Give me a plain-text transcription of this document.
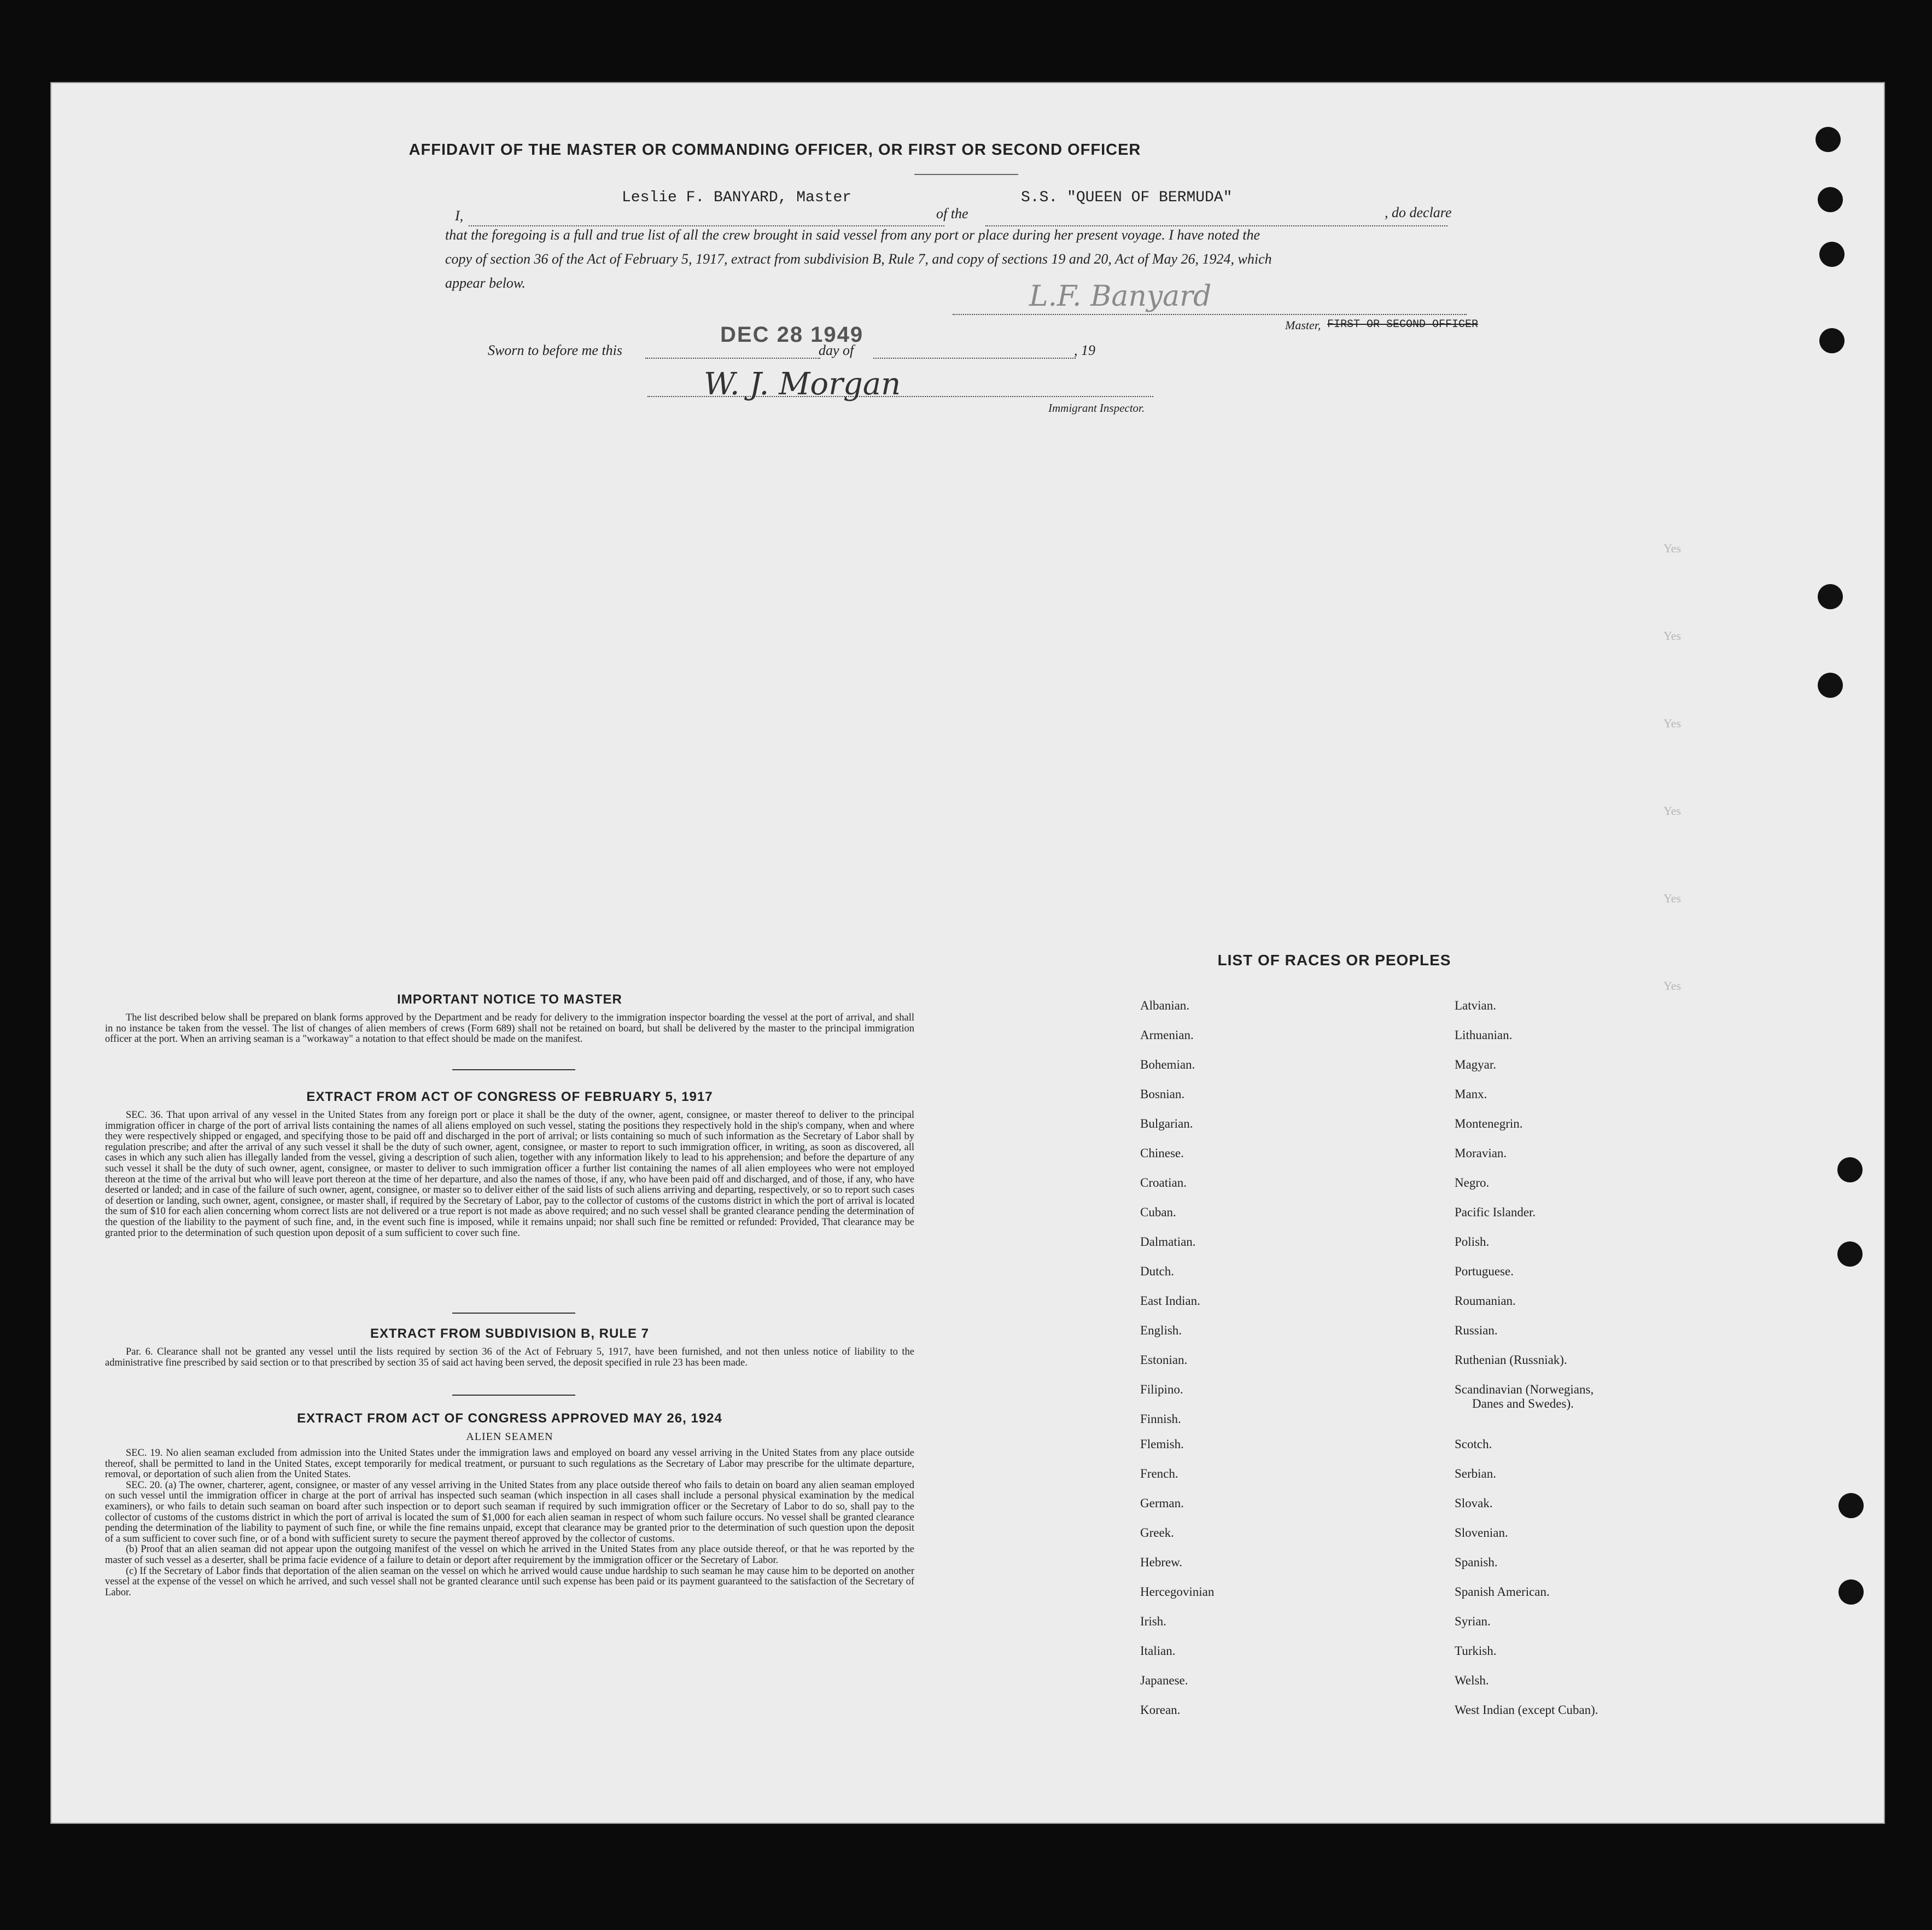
Yes
Yes
Yes
Yes
Yes
Yes
AFFIDAVIT OF THE MASTER OR COMMANDING OFFICER, OR FIRST OR SECOND OFFICER
I,
Leslie F. BANYARD, Master
of the
S.S. "QUEEN OF BERMUDA"
, do declare
that the foregoing is a full and true list of all the crew brought in said vessel from any port or place during her present voyage. I have noted the
copy of section 36 of the Act of February 5, 1917, extract from subdivision B, Rule 7, and copy of sections 19 and 20, Act of May 26, 1924, which
appear below.	L.F. Banyard
Master, FIRST OR SECOND OFFICER
Sworn to before me this
DEC 28 1949
day of	, 19
W. J. Morgan
Immigrant Inspector.
IMPORTANT NOTICE TO MASTER
The list described below shall be prepared on blank forms approved by the Department and be ready for delivery to the immigration inspector boarding the vessel at the port of arrival, and shall in no instance be taken from the vessel. The list of changes of alien members of crews (Form 689) shall not be retained on board, but shall be delivered by the master to the principal immigration officer at the port. When an arriving seaman is a "workaway" a notation to that effect should be made on the manifest.
EXTRACT FROM ACT OF CONGRESS OF FEBRUARY 5, 1917
SEC. 36. That upon arrival of any vessel in the United States from any foreign port or place it shall be the duty of the owner, agent, consignee, or master thereof to deliver to the principal immigration officer in charge of the port of arrival lists containing the names of all aliens employed on such vessel, stating the positions they respectively hold in the ship's company, when and where they were respectively shipped or engaged, and specifying those to be paid off and discharged in the port of arrival; or lists containing so much of such information as the Secretary of Labor shall by regulation prescribe; and after the arrival of any such vessel it shall be the duty of such owner, agent, consignee, or master to report to such immigration officer, in writing, as soon as discovered, all cases in which any such alien has illegally landed from the vessel, giving a description of such alien, together with any information likely to lead to his apprehension; and before the departure of any such vessel it shall be the duty of such owner, agent, consignee, or master to deliver to such immigration officer a further list containing the names of all alien employees who were not employed thereon at the time of the arrival but who will leave port thereon at the time of her departure, and also the names of those, if any, who have been paid off and discharged, and of those, if any, who have deserted or landed; and in case of the failure of such owner, agent, consignee, or master so to deliver either of the said lists of such aliens arriving and departing, respectively, or so to report such cases of desertion or landing, such owner, agent, consignee, or master shall, if required by the Secretary of Labor, pay to the collector of customs of the customs district in which the port of arrival is located the sum of $10 for each alien concerning whom correct lists are not delivered or a true report is not made as above required; and no such vessel shall be granted clearance pending the determination of the question of the liability to the payment of such fine, and, in the event such fine is imposed, while it remains unpaid; nor shall such fine be remitted or refunded: Provided, That clearance may be granted prior to the determination of such question upon deposit of a sum sufficient to cover such fine.
EXTRACT FROM SUBDIVISION B, RULE 7
Par. 6. Clearance shall not be granted any vessel until the lists required by section 36 of the Act of February 5, 1917, have been furnished, and not then unless notice of liability to the administrative fine prescribed by said section or to that prescribed by section 35 of said act having been served, the deposit specified in rule 23 has been made.
EXTRACT FROM ACT OF CONGRESS APPROVED MAY 26, 1924
ALIEN SEAMEN
SEC. 19. No alien seaman excluded from admission into the United States under the immigration laws and employed on board any vessel arriving in the United States from any place outside thereof, shall be permitted to land in the United States, except temporarily for medical treatment, or pursuant to such regulations as the Secretary of Labor may prescribe for the ultimate departure, removal, or deportation of such alien from the United States.
SEC. 20. (a) The owner, charterer, agent, consignee, or master of any vessel arriving in the United States from any place outside thereof who fails to detain on board any alien seaman employed on such vessel until the immigration officer in charge at the port of arrival has inspected such seaman (which inspection in all cases shall include a personal physical examination by the medical examiners), or who fails to detain such seaman on board after such inspection or to deport such seaman if required by such immigration officer or the Secretary of Labor to do so, shall pay to the collector of customs of the customs district in which the port of arrival is located the sum of $1,000 for each alien seaman in respect of whom such failure occurs. No vessel shall be granted clearance pending the determination of the liability to payment of such fine, or while the fine remains unpaid, except that clearance may be granted prior to the determination of such question upon the deposit of a sum sufficient to cover such fine, or of a bond with sufficient surety to secure the payment thereof approved by the collector of customs.
(b) Proof that an alien seaman did not appear upon the outgoing manifest of the vessel on which he arrived in the United States from any place outside thereof, or that he was reported by the master of such vessel as a deserter, shall be prima facie evidence of a failure to detain or deport after requirement by the immigration officer or the Secretary of Labor.
(c) If the Secretary of Labor finds that deportation of the alien seaman on the vessel on which he arrived would cause undue hardship to such seaman he may cause him to be deported on another vessel at the expense of the vessel on which he arrived, and such vessel shall not be granted clearance until such expense has been paid or its payment guaranteed to the satisfaction of the Secretary of Labor.
LIST OF RACES OR PEOPLES
Albanian.
Armenian.
Bohemian.
Bosnian.
Bulgarian.
Chinese.
Croatian.
Cuban.
Dalmatian.
Dutch.
East Indian.
English.
Estonian.
Filipino.
Finnish.
Flemish.
French.
German.
Greek.
Hebrew.
Hercegovinian
Irish.
Italian.
Japanese.
Korean.
Latvian.
Lithuanian.
Magyar.
Manx.
Montenegrin.
Moravian.
Negro.
Pacific Islander.
Polish.
Portuguese.
Roumanian.
Russian.
Ruthenian (Russniak).
Scandinavian (Norwegians,
Danes and Swedes).
Scotch.
Serbian.
Slovak.
Slovenian.
Spanish.
Spanish American.
Syrian.
Turkish.
Welsh.
West Indian (except Cuban).
